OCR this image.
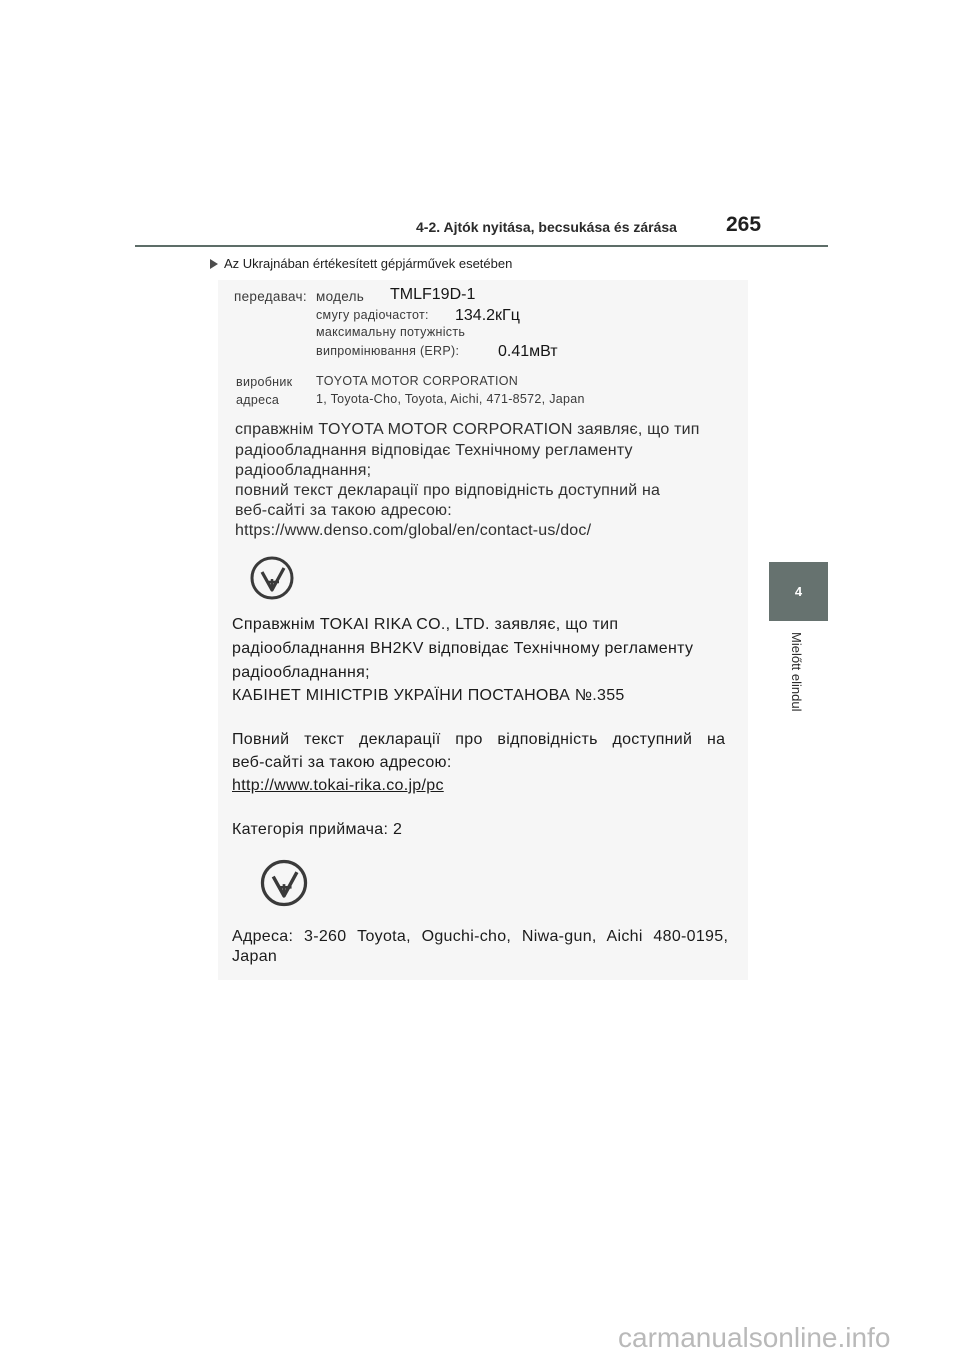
4-2. Ajtók nyitása, becsukása és zárása	265
4
Mielőtt elindul
Az Ukrajnában értékesített gépjárművek esetében
передавач: модель TMLF19D-1
смугу радіочастот: 134.2кГц
максимальну потужність
випромінювання (ERP): 0.41мВт
виробник TOYOTA MOTOR CORPORATION
адреса	1, Toyota-Cho, Toyota, Aichi, 471-8572, Japan
справжнім TOYOTA MOTOR CORPORATION заявляє, що тип
радіообладнання відповідає Технічному регламенту
радіообладнання;
повний текст декларації про відповідність доступний на
веб-сайті за такою адресою:
https://www.denso.com/global/en/contact-us/doc/
Справжнім TOKAI RIKA CO., LTD. заявляє, що тип
радіообладнання BH2KV відповідає Технічному регламенту
радіообладнання;
КАБІНЕТ МІНІСТРІВ УКРАЇНИ ПОСТАНОВА №.355
Повний текст декларації про відповідність доступний на
веб-сайті за такою адресою:
http://www.tokai-rika.co.jp/pc
Категорія приймача: 2
Адреса: 3-260 Toyota, Oguchi-cho, Niwa-gun, Aichi 480-0195,
Japan
carmanualsonline.info
